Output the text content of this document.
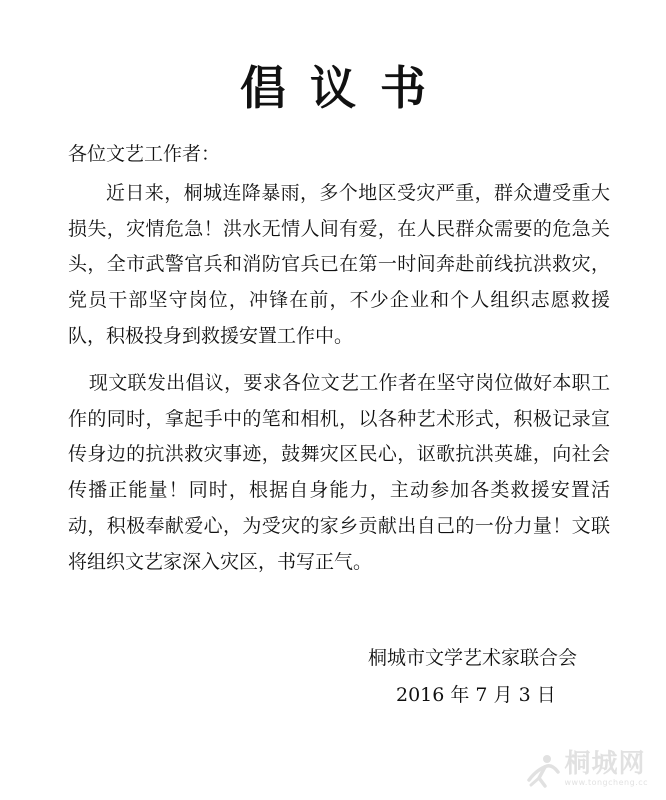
倡议书
各位文艺工作者：

近日来，桐城连降暴雨，多个地区受灾严重，群众遭受重大损失，灾情危急！洪水无情人间有爱，在人民群众需要的危急关头，全市武警官兵和消防官兵已在第一时间奔赴前线抗洪救灾，党员干部坚守岗位，冲锋在前，不少企业和个人组织志愿救援队，积极投身到救援安置工作中。

现文联发出倡议，要求各位文艺工作者在坚守岗位做好本职工作的同时，拿起手中的笔和相机，以各种艺术形式，积极记录宣传身边的抗洪救灾事迹，鼓舞灾区民心，讴歌抗洪英雄，向社会传播正能量！同时，根据自身能力，主动参加各类救援安置活动，积极奉献爱心，为受灾的家乡贡献出自己的一份力量！文联将组织文艺家深入灾区，书写正气。

桐城市文学艺术家联合会
2016 年 7 月 3 日
桐城网
www.tongcheng.cc
